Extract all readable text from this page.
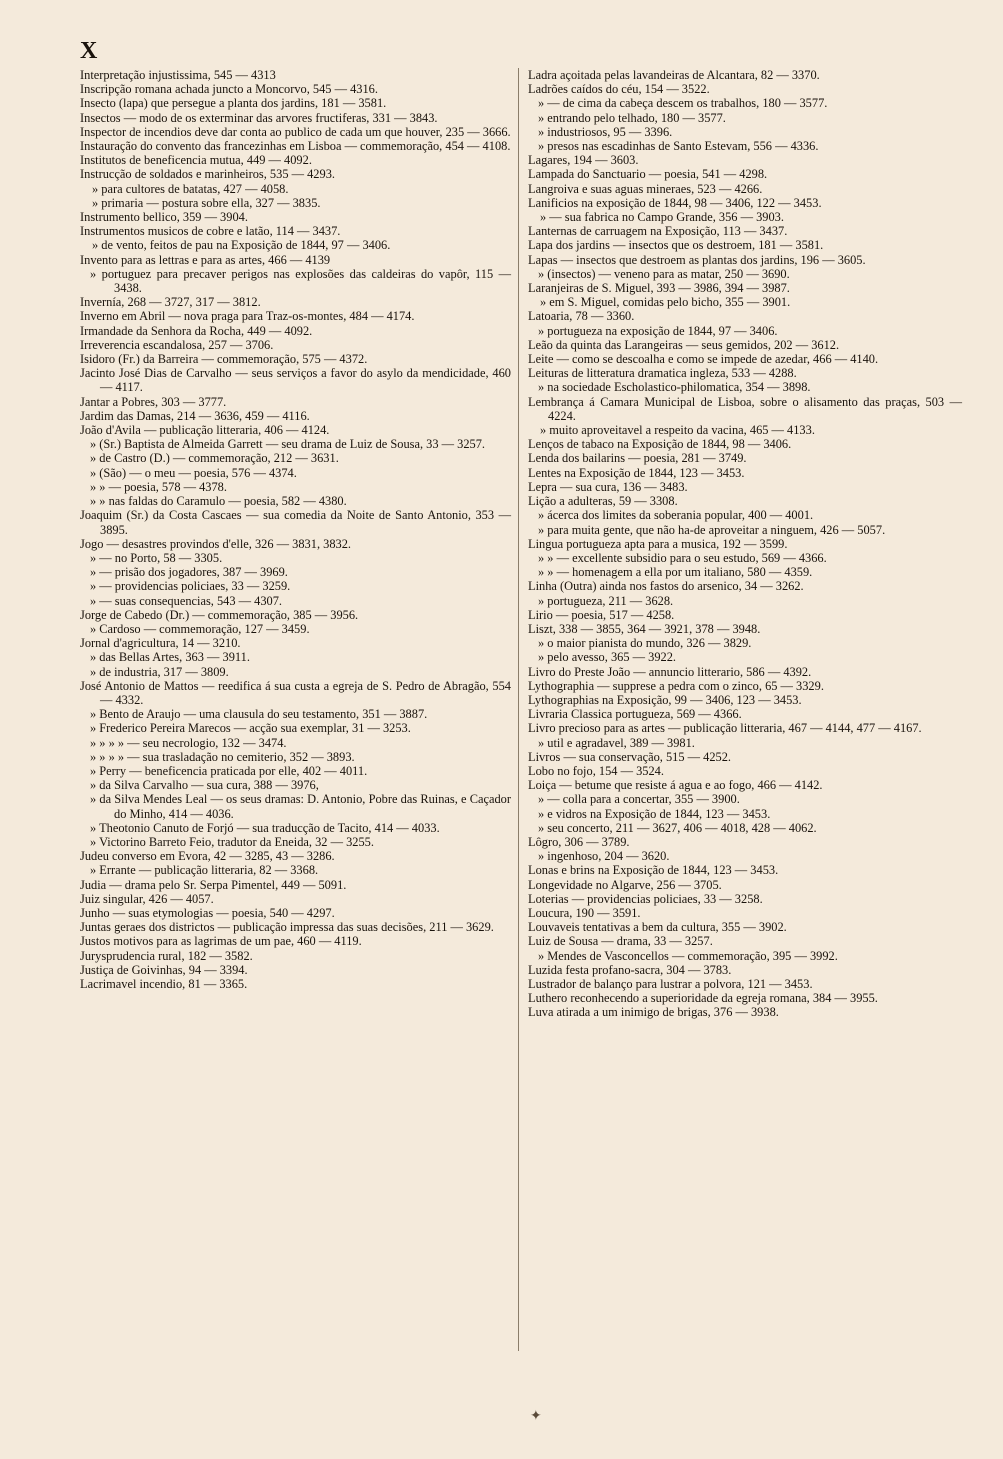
X

Interpretação injustissima, 545 — 4313

Inscripção romana achada juncto a Moncorvo, 545 — 4316.

Insecto (lapa) que persegue a planta dos jardins, 181 — 3581.

Insectos — modo de os exterminar das arvores fructiferas, 331 — 3843.

Inspector de incendios deve dar conta ao publico de cada um que houver, 235 — 3666.

Instauração do convento das francezinhas em Lisboa — commemoração, 454 — 4108.

Institutos de beneficencia mutua, 449 — 4092.

Instrucção de soldados e marinheiros, 535 — 4293.

» para cultores de batatas, 427 — 4058.

» primaria — postura sobre ella, 327 — 3835.

Instrumento bellico, 359 — 3904.

Instrumentos musicos de cobre e latão, 114 — 3437.

» de vento, feitos de pau na Exposição de 1844, 97 — 3406.

Invento para as lettras e para as artes, 466 — 4139

» portuguez para precaver perigos nas explosões das caldeiras do vapôr, 115 — 3438.

Invernía, 268 — 3727, 317 — 3812.

Inverno em Abril — nova praga para Traz-os-montes, 484 — 4174.

Irmandade da Senhora da Rocha, 449 — 4092.

Irreverencia escandalosa, 257 — 3706.

Isidoro (Fr.) da Barreira — commemoração, 575 — 4372.

Jacinto José Dias de Carvalho — seus serviços a favor do asylo da mendicidade, 460 — 4117.

Jantar a Pobres, 303 — 3777.

Jardim das Damas, 214 — 3636, 459 — 4116.

João d'Avila — publicação litteraria, 406 — 4124.

» (Sr.) Baptista de Almeida Garrett — seu drama de Luiz de Sousa, 33 — 3257.

» de Castro (D.) — commemoração, 212 — 3631.

» (São) — o meu — poesia, 576 — 4374.

» » — poesia, 578 — 4378.

» » nas faldas do Caramulo — poesia, 582 — 4380.

Joaquim (Sr.) da Costa Cascaes — sua comedia da Noite de Santo Antonio, 353 — 3895.

Jogo — desastres provindos d'elle, 326 — 3831, 3832.

» — no Porto, 58 — 3305.

» — prisão dos jogadores, 387 — 3969.

» — providencias policiaes, 33 — 3259.

» — suas consequencias, 543 — 4307.

Jorge de Cabedo (Dr.) — commemoração, 385 — 3956.

» Cardoso — commemoração, 127 — 3459.

Jornal d'agricultura, 14 — 3210.

» das Bellas Artes, 363 — 3911.

» de industria, 317 — 3809.

José Antonio de Mattos — reedifica á sua custa a egreja de S. Pedro de Abragão, 554 — 4332.

» Bento de Araujo — uma clausula do seu testamento, 351 — 3887.

» Frederico Pereira Marecos — acção sua exemplar, 31 — 3253.

» » » » — seu necrologio, 132 — 3474.

» » » » — sua trasladação no cemiterio, 352 — 3893.

» Perry — beneficencia praticada por elle, 402 — 4011.

» da Silva Carvalho — sua cura, 388 — 3976,

» da Silva Mendes Leal — os seus dramas: D. Antonio, Pobre das Ruinas, e Caçador do Minho, 414 — 4036.

» Theotonio Canuto de Forjó — sua traducção de Tacito, 414 — 4033.

» Victorino Barreto Feio, tradutor da Eneida, 32 — 3255.

Judeu converso em Evora, 42 — 3285, 43 — 3286.

» Errante — publicação litteraria, 82 — 3368.

Judia — drama pelo Sr. Serpa Pimentel, 449 — 5091.

Juiz singular, 426 — 4057.

Junho — suas etymologias — poesia, 540 — 4297.

Juntas geraes dos districtos — publicação impressa das suas decisões, 211 — 3629.

Justos motivos para as lagrimas de um pae, 460 — 4119.

Jurysprudencia rural, 182 — 3582.

Justiça de Goivinhas, 94 — 3394.

Lacrimavel incendio, 81 — 3365.

Ladra açoitada pelas lavandeiras de Alcantara, 82 — 3370.

Ladrões caídos do céu, 154 — 3522.

» — de cima da cabeça descem os trabalhos, 180 — 3577.

» entrando pelo telhado, 180 — 3577.

» industriosos, 95 — 3396.

» presos nas escadinhas de Santo Estevam, 556 — 4336.

Lagares, 194 — 3603.

Lampada do Sanctuario — poesia, 541 — 4298.

Langroiva e suas aguas mineraes, 523 — 4266.

Lanificios na exposição de 1844, 98 — 3406, 122 — 3453.

» — sua fabrica no Campo Grande, 356 — 3903.

Lanternas de carruagem na Exposição, 113 — 3437.

Lapa dos jardins — insectos que os destroem, 181 — 3581.

Lapas — insectos que destroem as plantas dos jardins, 196 — 3605.

» (insectos) — veneno para as matar, 250 — 3690.

Laranjeiras de S. Miguel, 393 — 3986, 394 — 3987.

» em S. Miguel, comidas pelo bicho, 355 — 3901.

Latoaria, 78 — 3360.

» portugueza na exposição de 1844, 97 — 3406.

Leão da quinta das Larangeiras — seus gemidos, 202 — 3612.

Leite — como se descoalha e como se impede de azedar, 466 — 4140.

Leituras de litteratura dramatica ingleza, 533 — 4288.

» na sociedade Escholastico-philomatica, 354 — 3898.

Lembrança á Camara Municipal de Lisboa, sobre o alisamento das praças, 503 — 4224.

» muito aproveitavel a respeito da vacina, 465 — 4133.

Lenços de tabaco na Exposição de 1844, 98 — 3406.

Lenda dos bailarins — poesia, 281 — 3749.

Lentes na Exposição de 1844, 123 — 3453.

Lepra — sua cura, 136 — 3483.

Lição a adulteras, 59 — 3308.

» ácerca dos limites da soberania popular, 400 — 4001.

» para muita gente, que não ha-de aproveitar a ninguem, 426 — 5057.

Lingua portugueza apta para a musica, 192 — 3599.

» » — excellente subsidio para o seu estudo, 569 — 4366.

» » — homenagem a ella por um italiano, 580 — 4359.

Linha (Outra) ainda nos fastos do arsenico, 34 — 3262.

» portugueza, 211 — 3628.

Lirio — poesia, 517 — 4258.

Liszt, 338 — 3855, 364 — 3921, 378 — 3948.

» o maior pianista do mundo, 326 — 3829.

» pelo avesso, 365 — 3922.

Livro do Preste João — annuncio litterario, 586 — 4392.

Lythographia — supprese a pedra com o zinco, 65 — 3329.

Lythographias na Exposição, 99 — 3406, 123 — 3453.

Livraria Classica portugueza, 569 — 4366.

Livro precioso para as artes — publicação litteraria, 467 — 4144, 477 — 4167.

» util e agradavel, 389 — 3981.

Livros — sua conservação, 515 — 4252.

Lobo no fojo, 154 — 3524.

Loiça — betume que resiste á agua e ao fogo, 466 — 4142.

» — colla para a concertar, 355 — 3900.

» e vidros na Exposição de 1844, 123 — 3453.

» seu concerto, 211 — 3627, 406 — 4018, 428 — 4062.

Lôgro, 306 — 3789.

» ingenhoso, 204 — 3620.

Lonas e brins na Exposição de 1844, 123 — 3453.

Longevidade no Algarve, 256 — 3705.

Loterias — providencias policiaes, 33 — 3258.

Loucura, 190 — 3591.

Louvaveis tentativas a bem da cultura, 355 — 3902.

Luiz de Sousa — drama, 33 — 3257.

» Mendes de Vasconcellos — commemoração, 395 — 3992.

Luzida festa profano-sacra, 304 — 3783.

Lustrador de balanço para lustrar a polvora, 121 — 3453.

Luthero reconhecendo a superioridade da egreja romana, 384 — 3955.

Luva atirada a um inimigo de brigas, 376 — 3938.

✦
